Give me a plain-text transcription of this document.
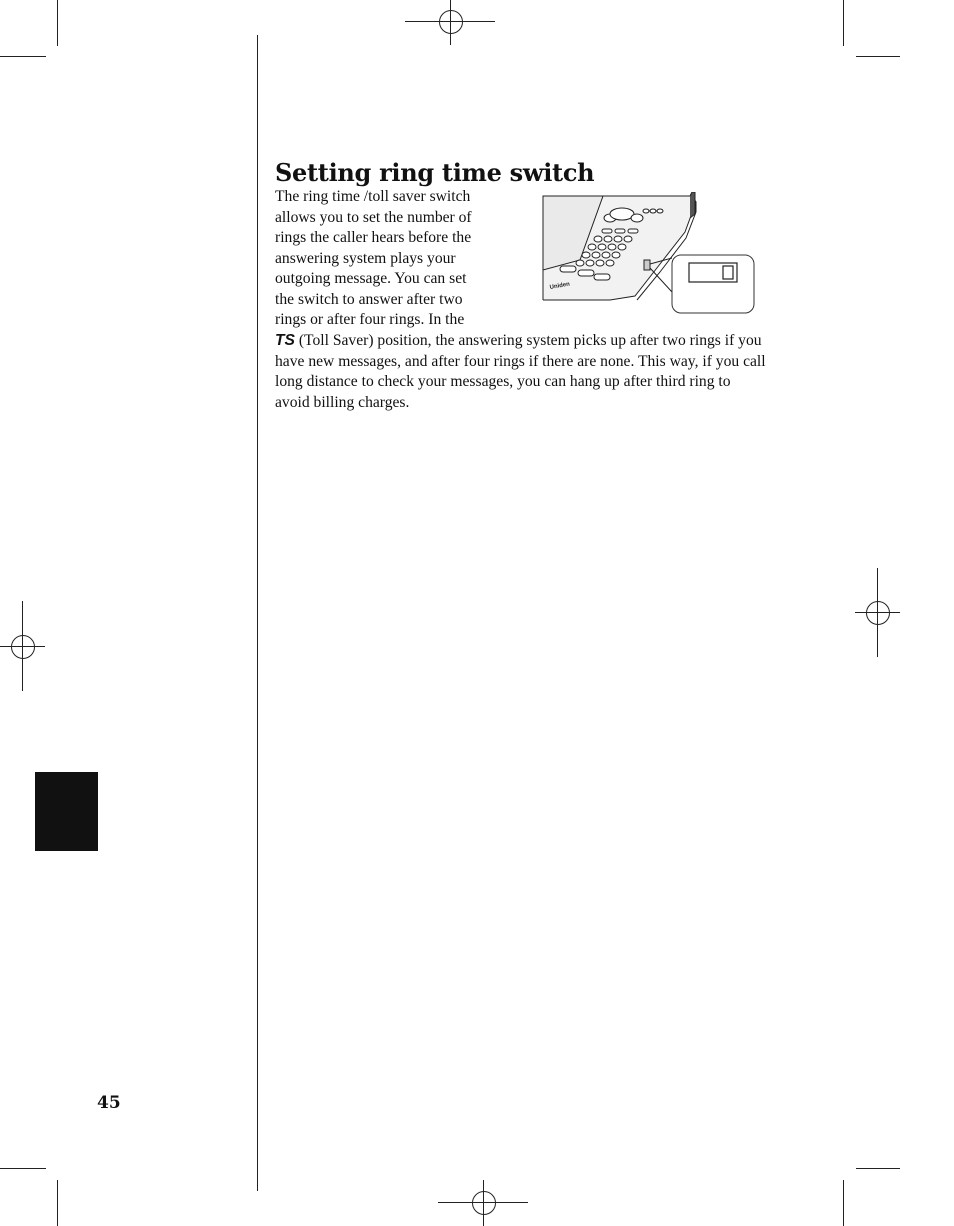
Setting ring time switch
The ring time /toll saver switch
allows you to set the number of
rings the caller hears before the
answering system plays your
outgoing message. You can set
the switch to answer after two
rings or after four rings. In the
TS (Toll Saver) position, the answering system picks up after two rings if you have new messages, and after four rings if there are none. This way, if you call long distance to check your messages, you can hang up after third ring to avoid billing charges.
Uniden
45
